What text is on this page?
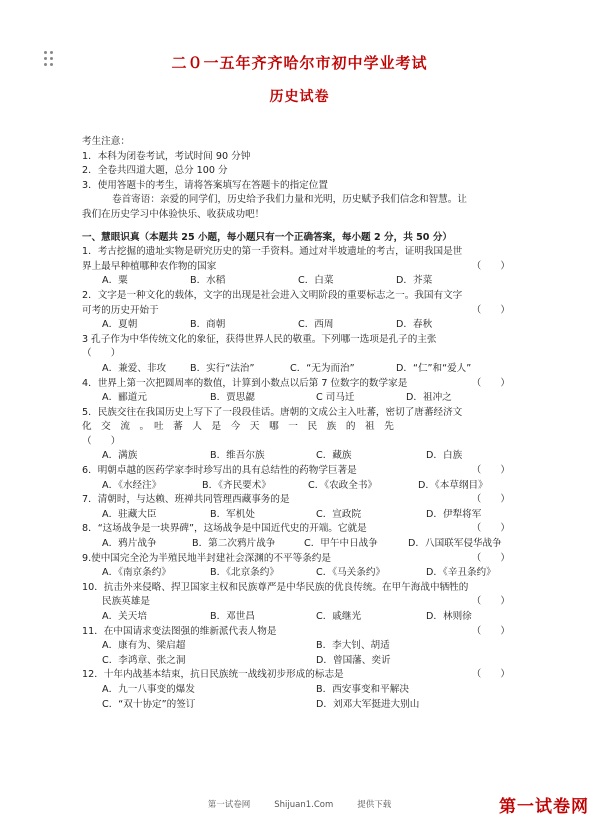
二０一五年齐齐哈尔市初中学业考试
历史试卷
考生注意：
1．本科为闭卷考试，考试时间 90 分钟
2．全卷共四道大题，总分 100 分
3．使用答题卡的考生，请将答案填写在答题卡的指定位置
卷首寄语：亲爱的同学们，历史给予我们力量和光明，历史赋予我们信念和智慧。让
我们在历史学习中体验快乐、收获成功吧！
一、慧眼识真（本题共 25 小题，每小题只有一个正确答案，每小题 2 分，共 50 分）
1．考古挖掘的遗址实物是研究历史的第一手资料。通过对半坡遗址的考古，证明我国是世
界上最早种植哪种农作物的国家	（　　）
A．粟	B．水稻	C．白菜	D．芥菜
2．文字是一种文化的载体，文字的出现是社会进入文明阶段的重要标志之一。我国有文字
可考的历史开始于	（　　）
A．夏朝	B．商朝	C．西周	D．春秋
3 孔子作为中华传统文化的象征，获得世界人民的敬重。下列哪一选项是孔子的主张
（　　）
A．兼爱、非攻 B．实行“法治”	C．“无为而治”	D．“仁”和“爱人”
4．世界上第一次把圆周率的数值，计算到小数点以后第 7 位数字的数学家是	（　　）
A．郦道元	B．贾思勰	C 司马迁	D．祖冲之
5．民族交往在我国历史上写下了一段段佳话。唐朝的文成公主入吐蕃，密切了唐蕃经济文
化　交　流　。　吐　蕃　人　是　今　天　哪　一　民　族　的　祖　先
（　　）
A．满族	B．维吾尔族	C．藏族	D．白族
6．明朝卓越的医药学家李时珍写出的具有总结性的药物学巨著是	（　　）
A．《水经注》	B．《齐民要术》	C．《农政全书》	D．《本草纲目》
7．清朝时，与达赖、班禅共同管理西藏事务的是	（　　）
A．驻藏大臣	B．军机处	C．宣政院	D．伊犁将军
8．“这场战争是一块界碑”，这场战争是中国近代史的开端。它就是	（　　）
A．鸦片战争	B．第二次鸦片战争	C．甲午中日战争	D．八国联军侵华战争
9.使中国完全沦为半殖民地半封建社会深渊的不平等条约是	（　　）
A．《南京条约》	B．《北京条约》	C．《马关条约》	D．《辛丑条约》
10．抗击外来侵略、捍卫国家主权和民族尊严是中华民族的优良传统。在甲午海战中牺牲的
民族英雄是	（　　）
A．关天培	B．邓世昌	C．戚继光	D．林则徐
11．在中国请求变法图强的维新派代表人物是	（　　）
A．康有为、梁启超	B．李大钊、胡适
C．李鸿章、张之洞	D．曾国藩、奕䜣
12．十年内战基本结束，抗日民族统一战线初步形成的标志是	（　　）
A．九一八事变的爆发	B．西安事变和平解决
C．“双十协定”的签订	D．刘邓大军挺进大别山
第一试卷网	Shijuan1.Com	提供下载	第一试卷网
